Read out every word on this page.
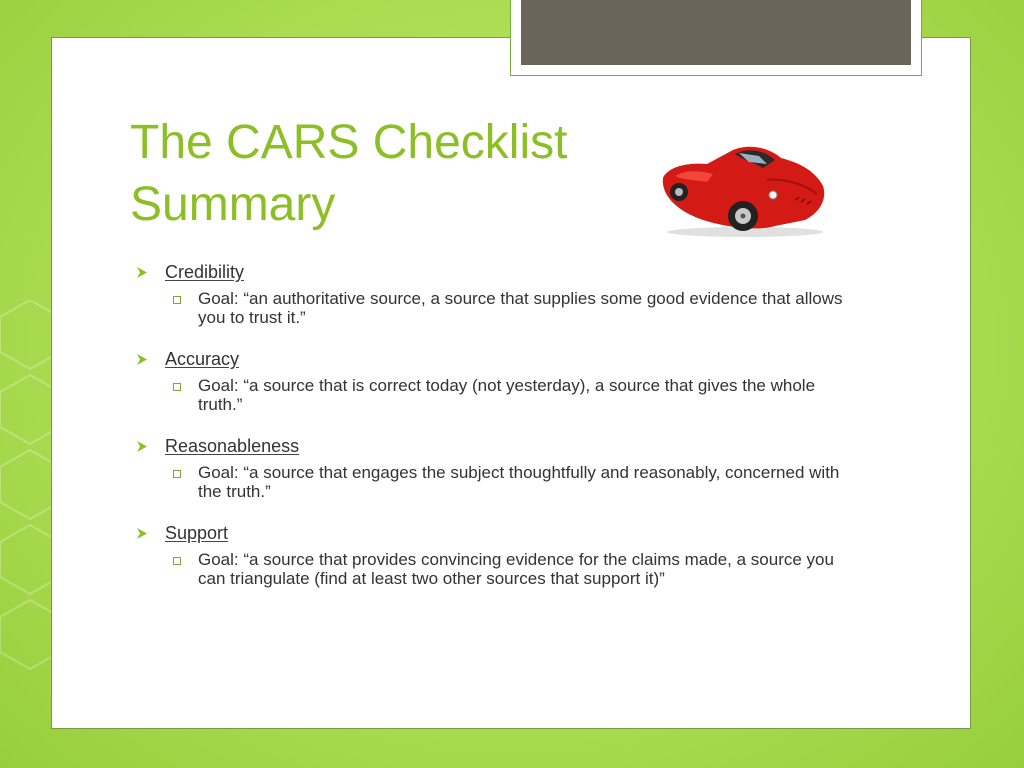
The CARS Checklist
Summary
Credibility
Goal: “an authoritative source, a source that supplies some good evidence that allows you to trust it.”
Accuracy
Goal: “a source that is correct today (not yesterday), a source that gives the whole truth.”
Reasonableness
Goal: “a source that engages the subject thoughtfully and reasonably, concerned with the truth.”
Support
Goal: “a source that provides convincing evidence for the claims made, a source you can triangulate (find at least two other sources that support it)”
